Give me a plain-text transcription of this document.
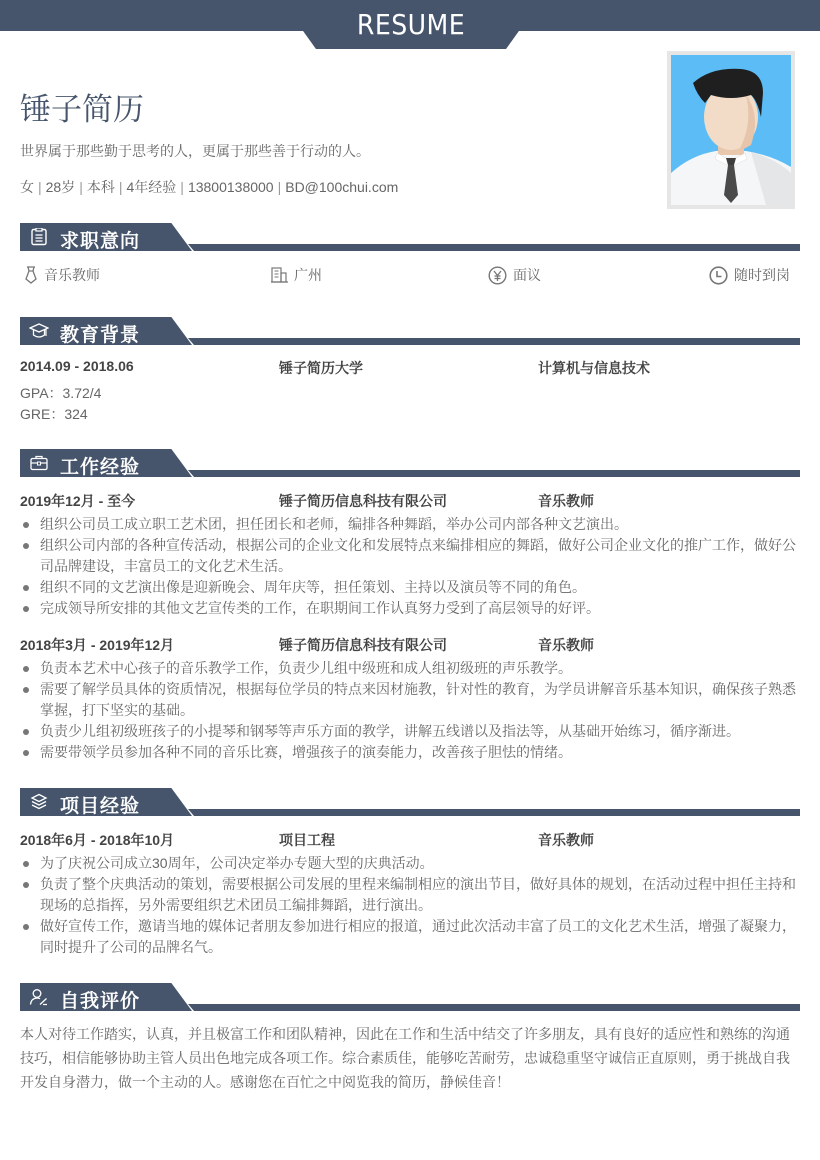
RESUME
锤子简历
世界属于那些勤于思考的人，更属于那些善于行动的人。
女 | 28岁 | 本科 | 4年经验 | 13800138000 | BD@100chui.com
求职意向
音乐教师	广州	面议	随时到岗
教育背景
2014.09 - 2018.06	锤子简历大学	计算机与信息技术
GPA：3.72/4
GRE：324
工作经验
2019年12月 - 至今	锤子简历信息科技有限公司	音乐教师
组织公司员工成立职工艺术团，担任团长和老师，编排各种舞蹈，举办公司内部各种文艺演出。
组织公司内部的各种宣传活动，根据公司的企业文化和发展特点来编排相应的舞蹈，做好公司企业文化的推广工作，做好公司品牌建设，丰富员工的文化艺术生活。
组织不同的文艺演出像是迎新晚会、周年庆等，担任策划、主持以及演员等不同的角色。
完成领导所安排的其他文艺宣传类的工作，在职期间工作认真努力受到了高层领导的好评。
2018年3月 - 2019年12月	锤子简历信息科技有限公司	音乐教师
负责本艺术中心孩子的音乐教学工作，负责少儿组中级班和成人组初级班的声乐教学。
需要了解学员具体的资质情况，根据每位学员的特点来因材施教，针对性的教育，为学员讲解音乐基本知识，确保孩子熟悉掌握，打下坚实的基础。
负责少儿组初级班孩子的小提琴和钢琴等声乐方面的教学，讲解五线谱以及指法等，从基础开始练习，循序渐进。
需要带领学员参加各种不同的音乐比赛，增强孩子的演奏能力，改善孩子胆怯的情绪。
项目经验
2018年6月 - 2018年10月	项目工程	音乐教师
为了庆祝公司成立30周年，公司决定举办专题大型的庆典活动。
负责了整个庆典活动的策划，需要根据公司发展的里程来编制相应的演出节目，做好具体的规划，在活动过程中担任主持和现场的总指挥，另外需要组织艺术团员工编排舞蹈，进行演出。
做好宣传工作，邀请当地的媒体记者朋友参加进行相应的报道，通过此次活动丰富了员工的文化艺术生活，增强了凝聚力，同时提升了公司的品牌名气。
自我评价
本人对待工作踏实，认真，并且极富工作和团队精神，因此在工作和生活中结交了许多朋友，具有良好的适应性和熟练的沟通技巧，相信能够协助主管人员出色地完成各项工作。综合素质佳，能够吃苦耐劳，忠诚稳重坚守诚信正直原则，勇于挑战自我开发自身潜力，做一个主动的人。感谢您在百忙之中阅览我的简历，静候佳音！
